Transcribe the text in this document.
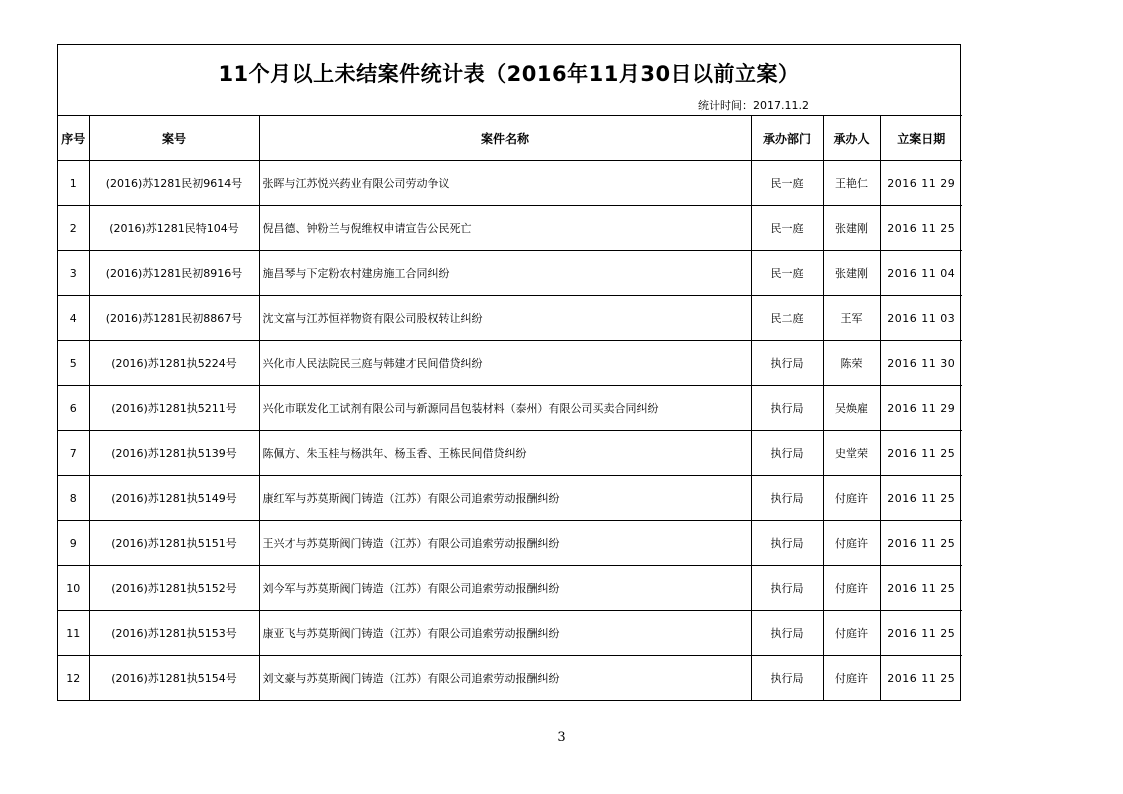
11个月以上未结案件统计表（2016年11月30日以前立案）
统计时间：2017.11.2
序号	案号	案件名称	承办部门	承办人	立案日期
1	(2016)苏1281民初9614号	张晖与江苏悦兴药业有限公司劳动争议	民一庭	王艳仁	2016 11 29
2	(2016)苏1281民特104号	倪昌德、钟粉兰与倪维权申请宣告公民死亡	民一庭	张建刚	2016 11 25
3	(2016)苏1281民初8916号	施昌琴与下定粉农村建房施工合同纠纷	民一庭	张建刚	2016 11 04
4	(2016)苏1281民初8867号	沈文富与江苏恒祥物资有限公司股权转让纠纷	民二庭	王军	2016 11 03
5	(2016)苏1281执5224号	兴化市人民法院民三庭与韩建才民间借贷纠纷	执行局	陈荣	2016 11 30
6	(2016)苏1281执5211号	兴化市联发化工试剂有限公司与新源同昌包装材料（泰州）有限公司买卖合同纠纷	执行局	吴焕雇	2016 11 29
7	(2016)苏1281执5139号	陈佩方、朱玉桂与杨洪年、杨玉香、王栋民间借贷纠纷	执行局	史堂荣	2016 11 25
8	(2016)苏1281执5149号	康红军与苏莫斯阀门铸造（江苏）有限公司追索劳动报酬纠纷	执行局	付庭许	2016 11 25
9	(2016)苏1281执5151号	王兴才与苏莫斯阀门铸造（江苏）有限公司追索劳动报酬纠纷	执行局	付庭许	2016 11 25
10	(2016)苏1281执5152号	刘今军与苏莫斯阀门铸造（江苏）有限公司追索劳动报酬纠纷	执行局	付庭许	2016 11 25
11	(2016)苏1281执5153号	康亚飞与苏莫斯阀门铸造（江苏）有限公司追索劳动报酬纠纷	执行局	付庭许	2016 11 25
12	(2016)苏1281执5154号	刘文豪与苏莫斯阀门铸造（江苏）有限公司追索劳动报酬纠纷	执行局	付庭许	2016 11 25
3
